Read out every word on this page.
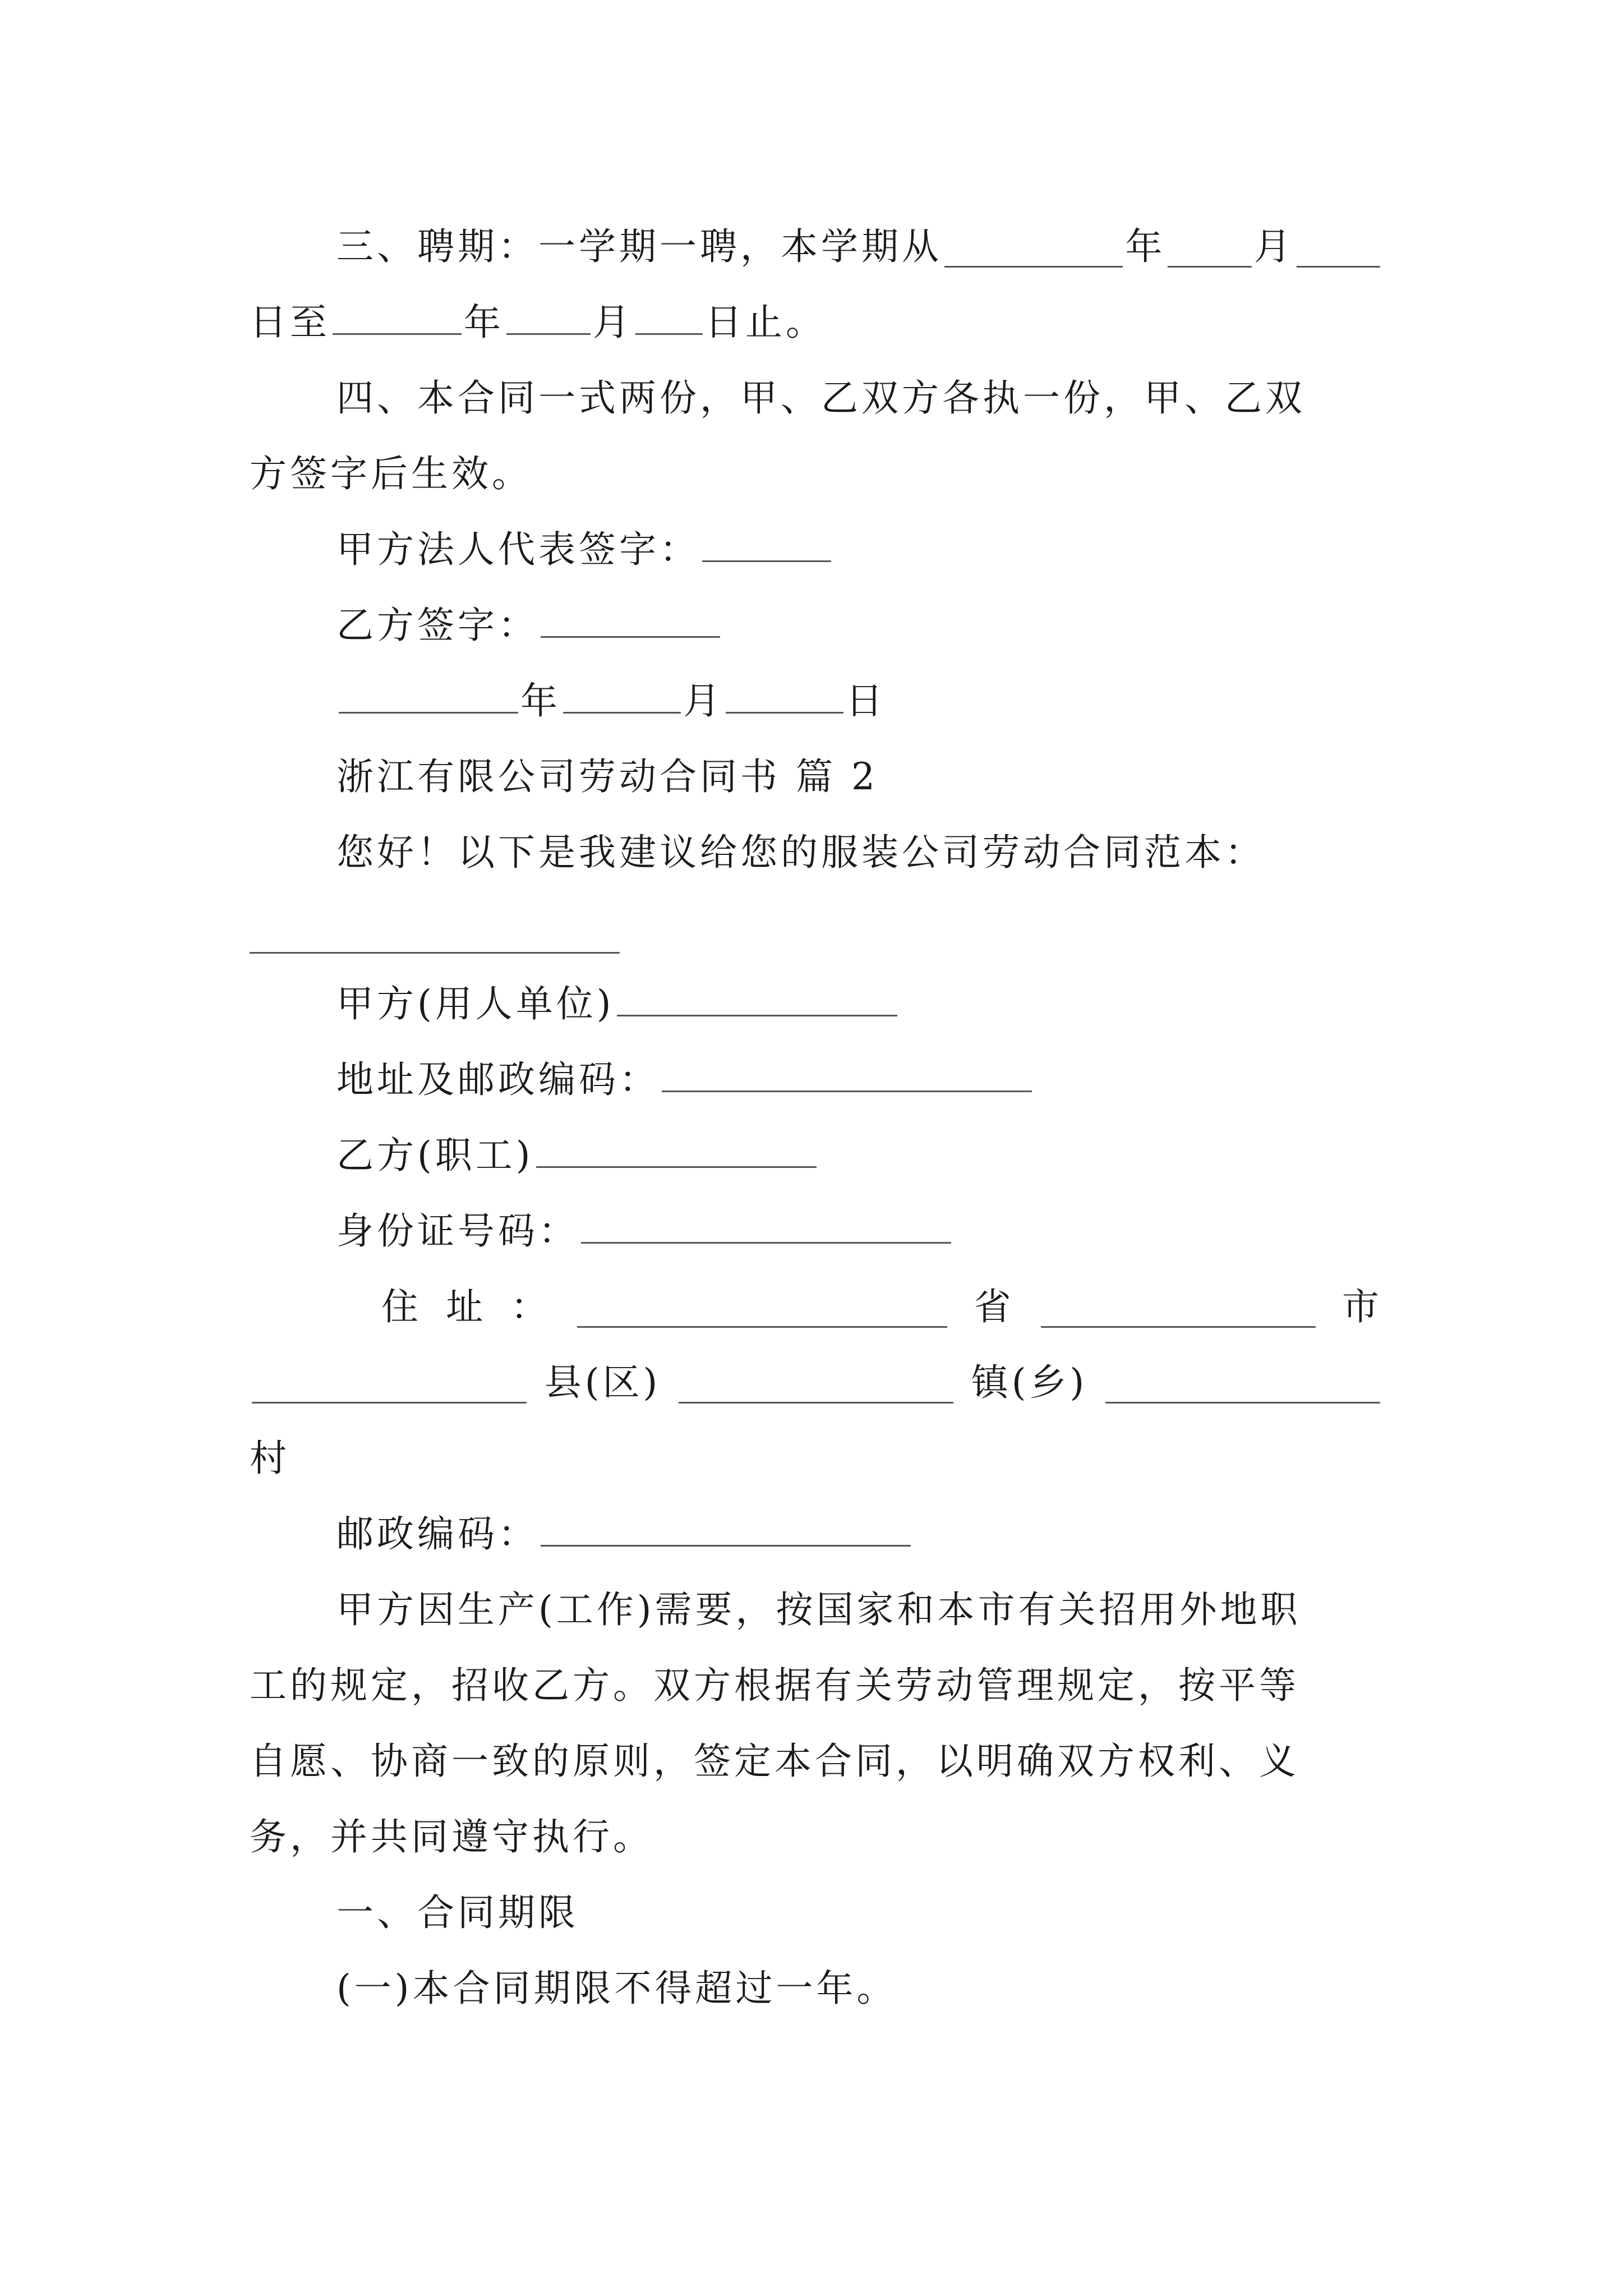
三、聘期：一学期一聘，本学期从	年 月
日至	年 月 日止。
四、本合同一式两份，甲、乙双方各执一份，甲、乙双
方签字后生效。
甲方法人代表签字：
乙方签字：
年	月	日
浙江有限公司劳动合同书 篇 2
您好！以下是我建议给您的服装公司劳动合同范本：
甲方(用人单位)
地址及邮政编码：
乙方(职工)
身份证号码：
住 址 ：	省	市
县(区)	镇(乡)
村
邮政编码：
甲方因生产(工作)需要，按国家和本市有关招用外地职
工的规定，招收乙方。双方根据有关劳动管理规定，按平等
自愿、协商一致的原则，签定本合同，以明确双方权利、义
务，并共同遵守执行。
一、合同期限
(一)本合同期限不得超过一年。
